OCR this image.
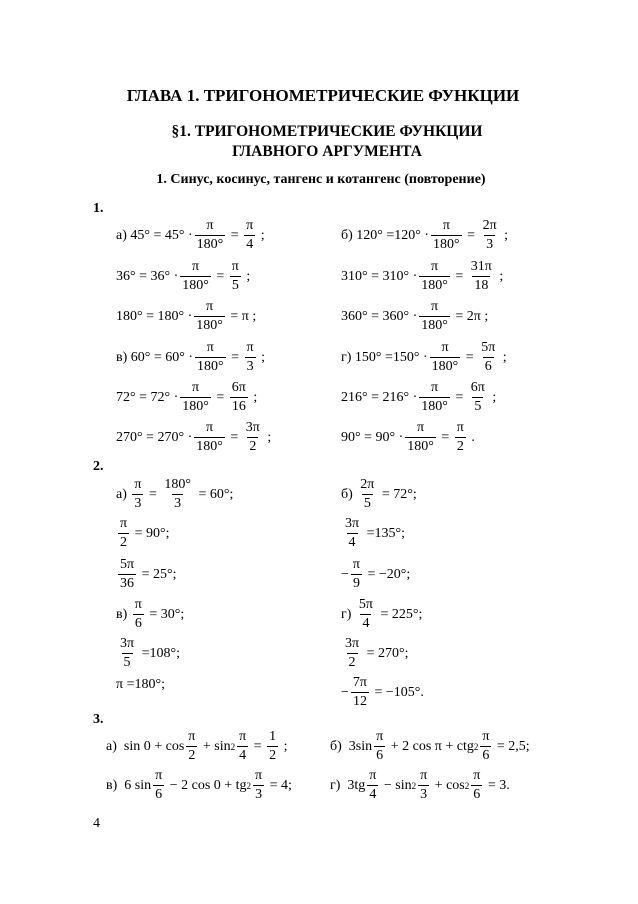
ГЛАВА 1. ТРИГОНОМЕТРИЧЕСКИЕ ФУНКЦИИ
§1. ТРИГОНОМЕТРИЧЕСКИЕ ФУНКЦИИ
ГЛАВНОГО АРГУМЕНТА
1. Синус, косинус, тангенс и котангенс (повторение)
1.
а) $45^\circ = 45^\circ \cdot \frac{\pi}{180^\circ} = \frac{\pi}{4}$ ;
$36^\circ = 36^\circ \cdot \frac{\pi}{180^\circ} = \frac{\pi}{5}$ ;
$180^\circ = 180^\circ \cdot \frac{\pi}{180^\circ} = \pi$ ;
б) $120^\circ =120^\circ \cdot \frac{\pi}{180^\circ} = \frac{2\pi}{3}$ ;
$310^\circ = 310^\circ \cdot \frac{\pi}{180^\circ} = \frac{31\pi}{18}$ ;
$360^\circ = 360^\circ \cdot \frac{\pi}{180^\circ} = 2\pi$ ;
в) $60^\circ = 60^\circ \cdot \frac{\pi}{180^\circ} = \frac{\pi}{3}$ ;
$72^\circ = 72^\circ \cdot \frac{\pi}{180^\circ} = \frac{6\pi}{16}$ ;
$270^\circ = 270^\circ \cdot \frac{\pi}{180^\circ} = \frac{3\pi}{2}$ ;
г) $150^\circ =150^\circ \cdot \frac{\pi}{180^\circ} = \frac{5\pi}{6}$ ;
$216^\circ = 216^\circ \cdot \frac{\pi}{180^\circ} = \frac{6\pi}{5}$ ;
$90^\circ = 90^\circ \cdot \frac{\pi}{180^\circ} = \frac{\pi}{2}$ .
2.
$а) \frac{\pi}{3} = \frac{180^\circ}{3} = 60^\circ$;
$\frac{\pi}{2} = 90^\circ$;
$\frac{5\pi}{36} = 25^\circ$;
$б) \frac{2\pi}{5} = 72^\circ$;
$\frac{3\pi}{4} =135^\circ$;
− $\frac{\pi}{9} = -20^\circ$;
$в) \frac{\pi}{6} = 30^\circ$;
$\frac{3\pi}{5} =108^\circ$;
π =180°;
$г) \frac{5\pi}{4} = 225^\circ$;
$\frac{3\pi}{2} = 270^\circ$;
− $\frac{7\pi}{12} = -105^\circ$.
3.
а)  sin 0 + cos
π
2
+ $\sin 2 \frac{\pi}{4} = \frac{1}{2}$ ;	б)  3sin
π
6
+ 2 cos π + ctg $2 \frac{\pi}{6} = 2,5$;
в)  6 sin
π
6
− 2 cos 0 + tg $2 \frac{\pi}{3} = 4$;	г)  3tg
π
4
− sin 2
π
3
+ $\cos 2 \frac{\pi}{6} = 3$.
4
